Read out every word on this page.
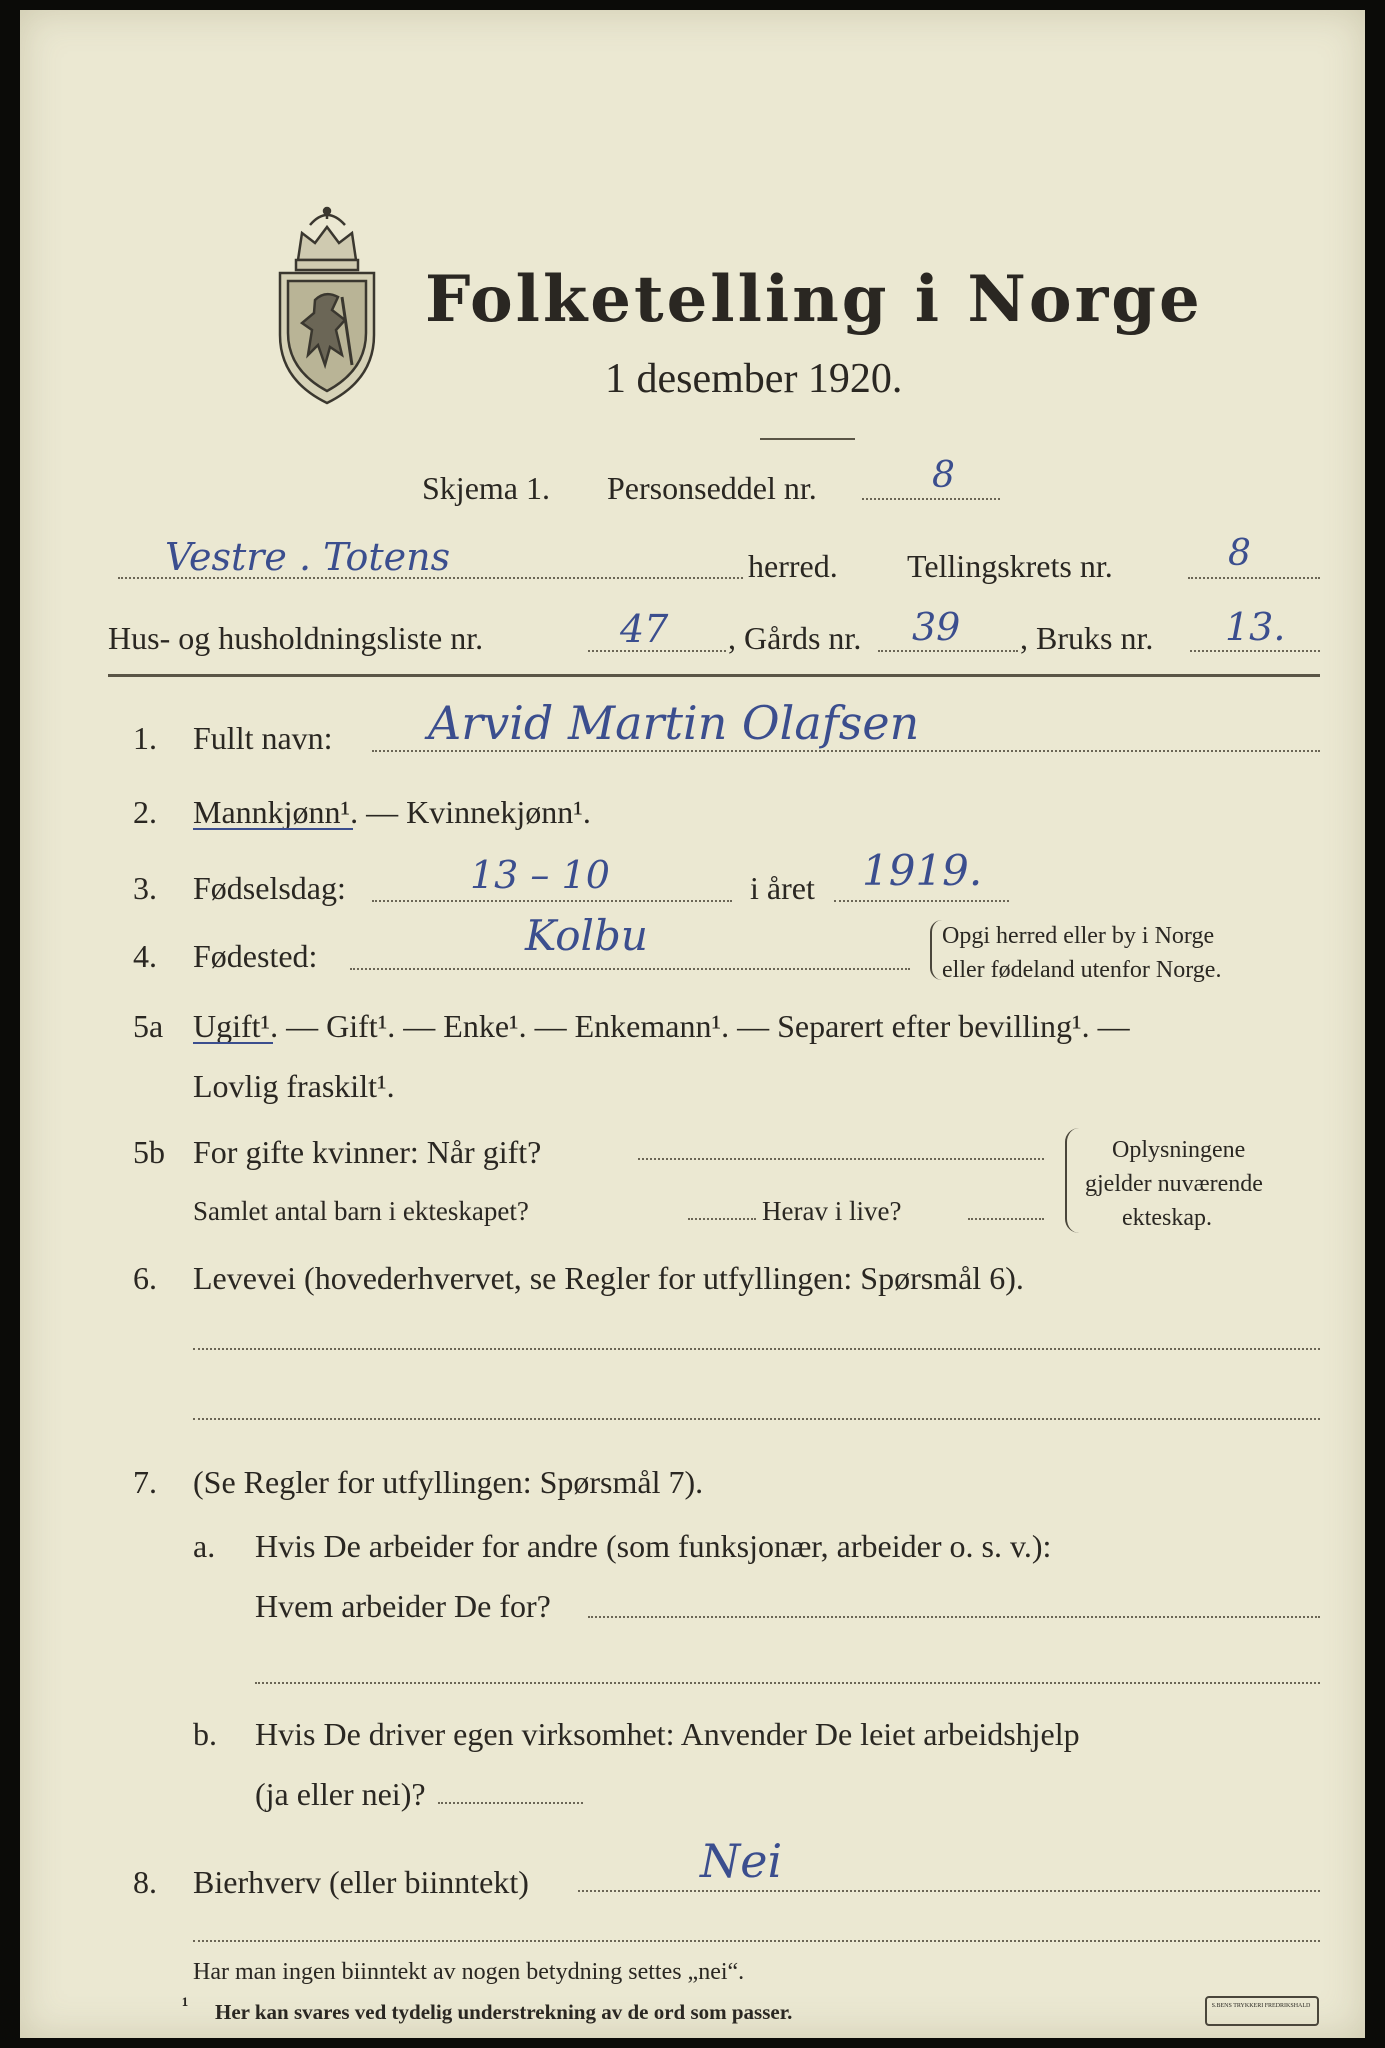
Folketelling i Norge
1 desember 1920.
Skjema 1. Personseddel nr.	8
Vestre . Totens	herred. Tellingskrets nr.	8
Hus- og husholdningsliste nr.	47 , Gårds nr. 39 , Bruks nr. 13.
1. Fullt navn: Arvid Martin Olafsen
2. Mannkjønn¹. — Kvinnekjønn¹.
3. Fødselsdag:	13 – 10	i året 1919.
4. Fødested:	Kolbu	Opgi herred eller by i Norge
eller fødeland utenfor Norge.
5a Ugift¹. — Gift¹. — Enke¹. — Enkemann¹. — Separert efter bevilling¹. —
Lovlig fraskilt¹.
5b For gifte kvinner: Når gift?
Samlet antal barn i ekteskapet?	Herav i live?
Oplysningene
gjelder nuværende
ekteskap.
6. Levevei (hovederhvervet, se Regler for utfyllingen: Spørsmål 6).
7. (Se Regler for utfyllingen: Spørsmål 7).
a. Hvis De arbeider for andre (som funksjonær, arbeider o. s. v.):
Hvem arbeider De for?
b. Hvis De driver egen virksomhet: Anvender De leiet arbeidshjelp
(ja eller nei)?
8. Bierhverv (eller biinntekt)	Nei
Har man ingen biinntekt av nogen betydning settes „nei“.
¹ Her kan svares ved tydelig understrekning av de ord som passer.	S.BENS TRYKKERI FREDRIKSHALD
